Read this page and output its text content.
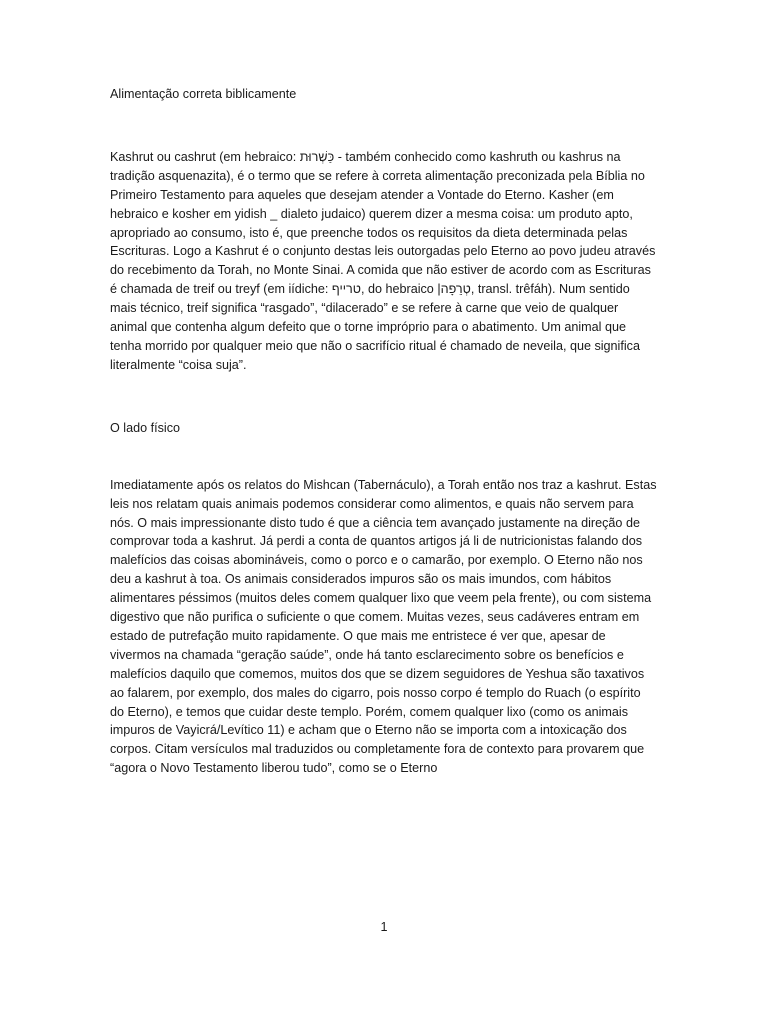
Alimentação correta biblicamente

Kashrut ou cashrut (em hebraico: כַּשְׁרוּת - também conhecido como kashruth ou kashrus na tradição asquenazita), é o termo que se refere à correta alimentação preconizada pela Bíblia no Primeiro Testamento para aqueles que desejam atender a Vontade do Eterno. Kasher (em hebraico e kosher em yidish _ dialeto judaico) querem dizer a mesma coisa: um produto apto, apropriado ao consumo, isto é, que preenche todos os requisitos da dieta determinada pelas Escrituras. Logo a Kashrut é o conjunto destas leis outorgadas pelo Eterno ao povo judeu através do recebimento da Torah, no Monte Sinai. A comida que não estiver de acordo com as Escrituras é chamada de treif ou treyf (em iídiche: טרייף, do hebraico |טְרֵפָה, transl. trêfáh). Num sentido mais técnico, treif significa “rasgado”, “dilacerado” e se refere à carne que veio de qualquer animal que contenha algum defeito que o torne impróprio para o abatimento. Um animal que tenha morrido por qualquer meio que não o sacrifício ritual é chamado de neveila, que significa literalmente “coisa suja”.

O lado físico

Imediatamente após os relatos do Mishcan (Tabernáculo), a Torah então nos traz a kashrut. Estas leis nos relatam quais animais podemos considerar como alimentos, e quais não servem para nós. O mais impressionante disto tudo é que a ciência tem avançado justamente na direção de comprovar toda a kashrut. Já perdi a conta de quantos artigos já li de nutricionistas falando dos malefícios das coisas abomináveis, como o porco e o camarão, por exemplo. O Eterno não nos deu a kashrut à toa. Os animais considerados impuros são os mais imundos, com hábitos alimentares péssimos (muitos deles comem qualquer lixo que veem pela frente), ou com sistema digestivo que não purifica o suficiente o que comem. Muitas vezes, seus cadáveres entram em estado de putrefação muito rapidamente. O que mais me entristece é ver que, apesar de vivermos na chamada “geração saúde”, onde há tanto esclarecimento sobre os benefícios e malefícios daquilo que comemos, muitos dos que se dizem seguidores de Yeshua são taxativos ao falarem, por exemplo, dos males do cigarro, pois nosso corpo é templo do Ruach (o espírito do Eterno), e temos que cuidar deste templo. Porém, comem qualquer lixo (como os animais impuros de Vayicrá/Levítico 11) e acham que o Eterno não se importa com a intoxicação dos corpos. Citam versículos mal traduzidos ou completamente fora de contexto para provarem que “agora o Novo Testamento liberou tudo”, como se o Eterno

1
